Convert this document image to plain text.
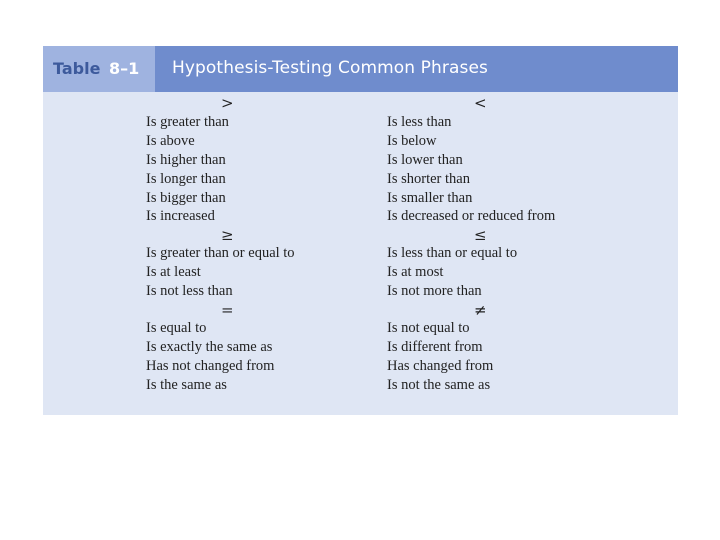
Table 8–1 Hypothesis-Testing Common Phrases
>	<
Is greater than	Is less than
Is above	Is below
Is higher than	Is lower than
Is longer than	Is shorter than
Is bigger than	Is smaller than
Is increased	Is decreased or reduced from
≥	≤
Is greater than or equal to	Is less than or equal to
Is at least	Is at most
Is not less than	Is not more than
=	≠
Is equal to	Is not equal to
Is exactly the same as	Is different from
Has not changed from	Has changed from
Is the same as	Is not the same as
